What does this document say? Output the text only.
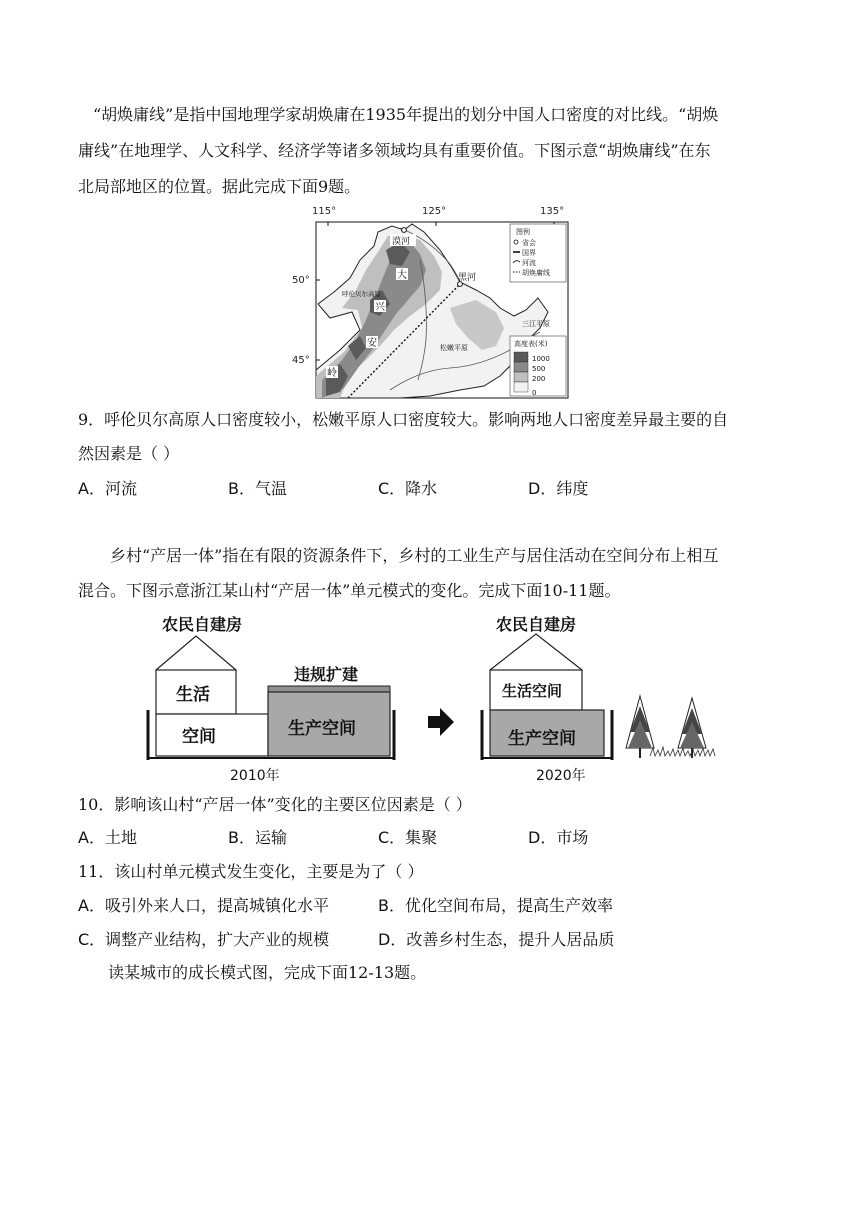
“胡焕庸线”是指中国地理学家胡焕庸在1935年提出的划分中国人口密度的对比线。“胡焕
庸线”在地理学、人文科学、经济学等诸多领域均具有重要价值。下图示意“胡焕庸线”在东
北局部地区的位置。据此完成下面9题。
115°	125°	135°
50°
45°
漠河
黑河
大
兴
安
岭
呼伦贝尔高原
松嫩平原
三江平原
图例
省会
国界
河流
胡焕庸线
高度表(米)
1000
500
200
0
9．呼伦贝尔高原人口密度较小，松嫩平原人口密度较大。影响两地人口密度差异最主要的自
然因素是（ ）
A．河流	B．气温	C．降水	D．纬度
乡村“产居一体”指在有限的资源条件下，乡村的工业生产与居住活动在空间分布上相互
混合。下图示意浙江某山村“产居一体”单元模式的变化。完成下面10-11题。
农民自建房
生活
空间
违规扩建
生产空间
2010年
农民自建房
生活空间
生产空间
2020年
10．影响该山村“产居一体”变化的主要区位因素是（ ）
A．土地	B．运输	C．集聚	D．市场
11．该山村单元模式发生变化，主要是为了（ ）
A．吸引外来人口，提高城镇化水平	B．优化空间布局，提高生产效率
C．调整产业结构，扩大产业的规模	D．改善乡村生态，提升人居品质
读某城市的成长模式图，完成下面12-13题。
